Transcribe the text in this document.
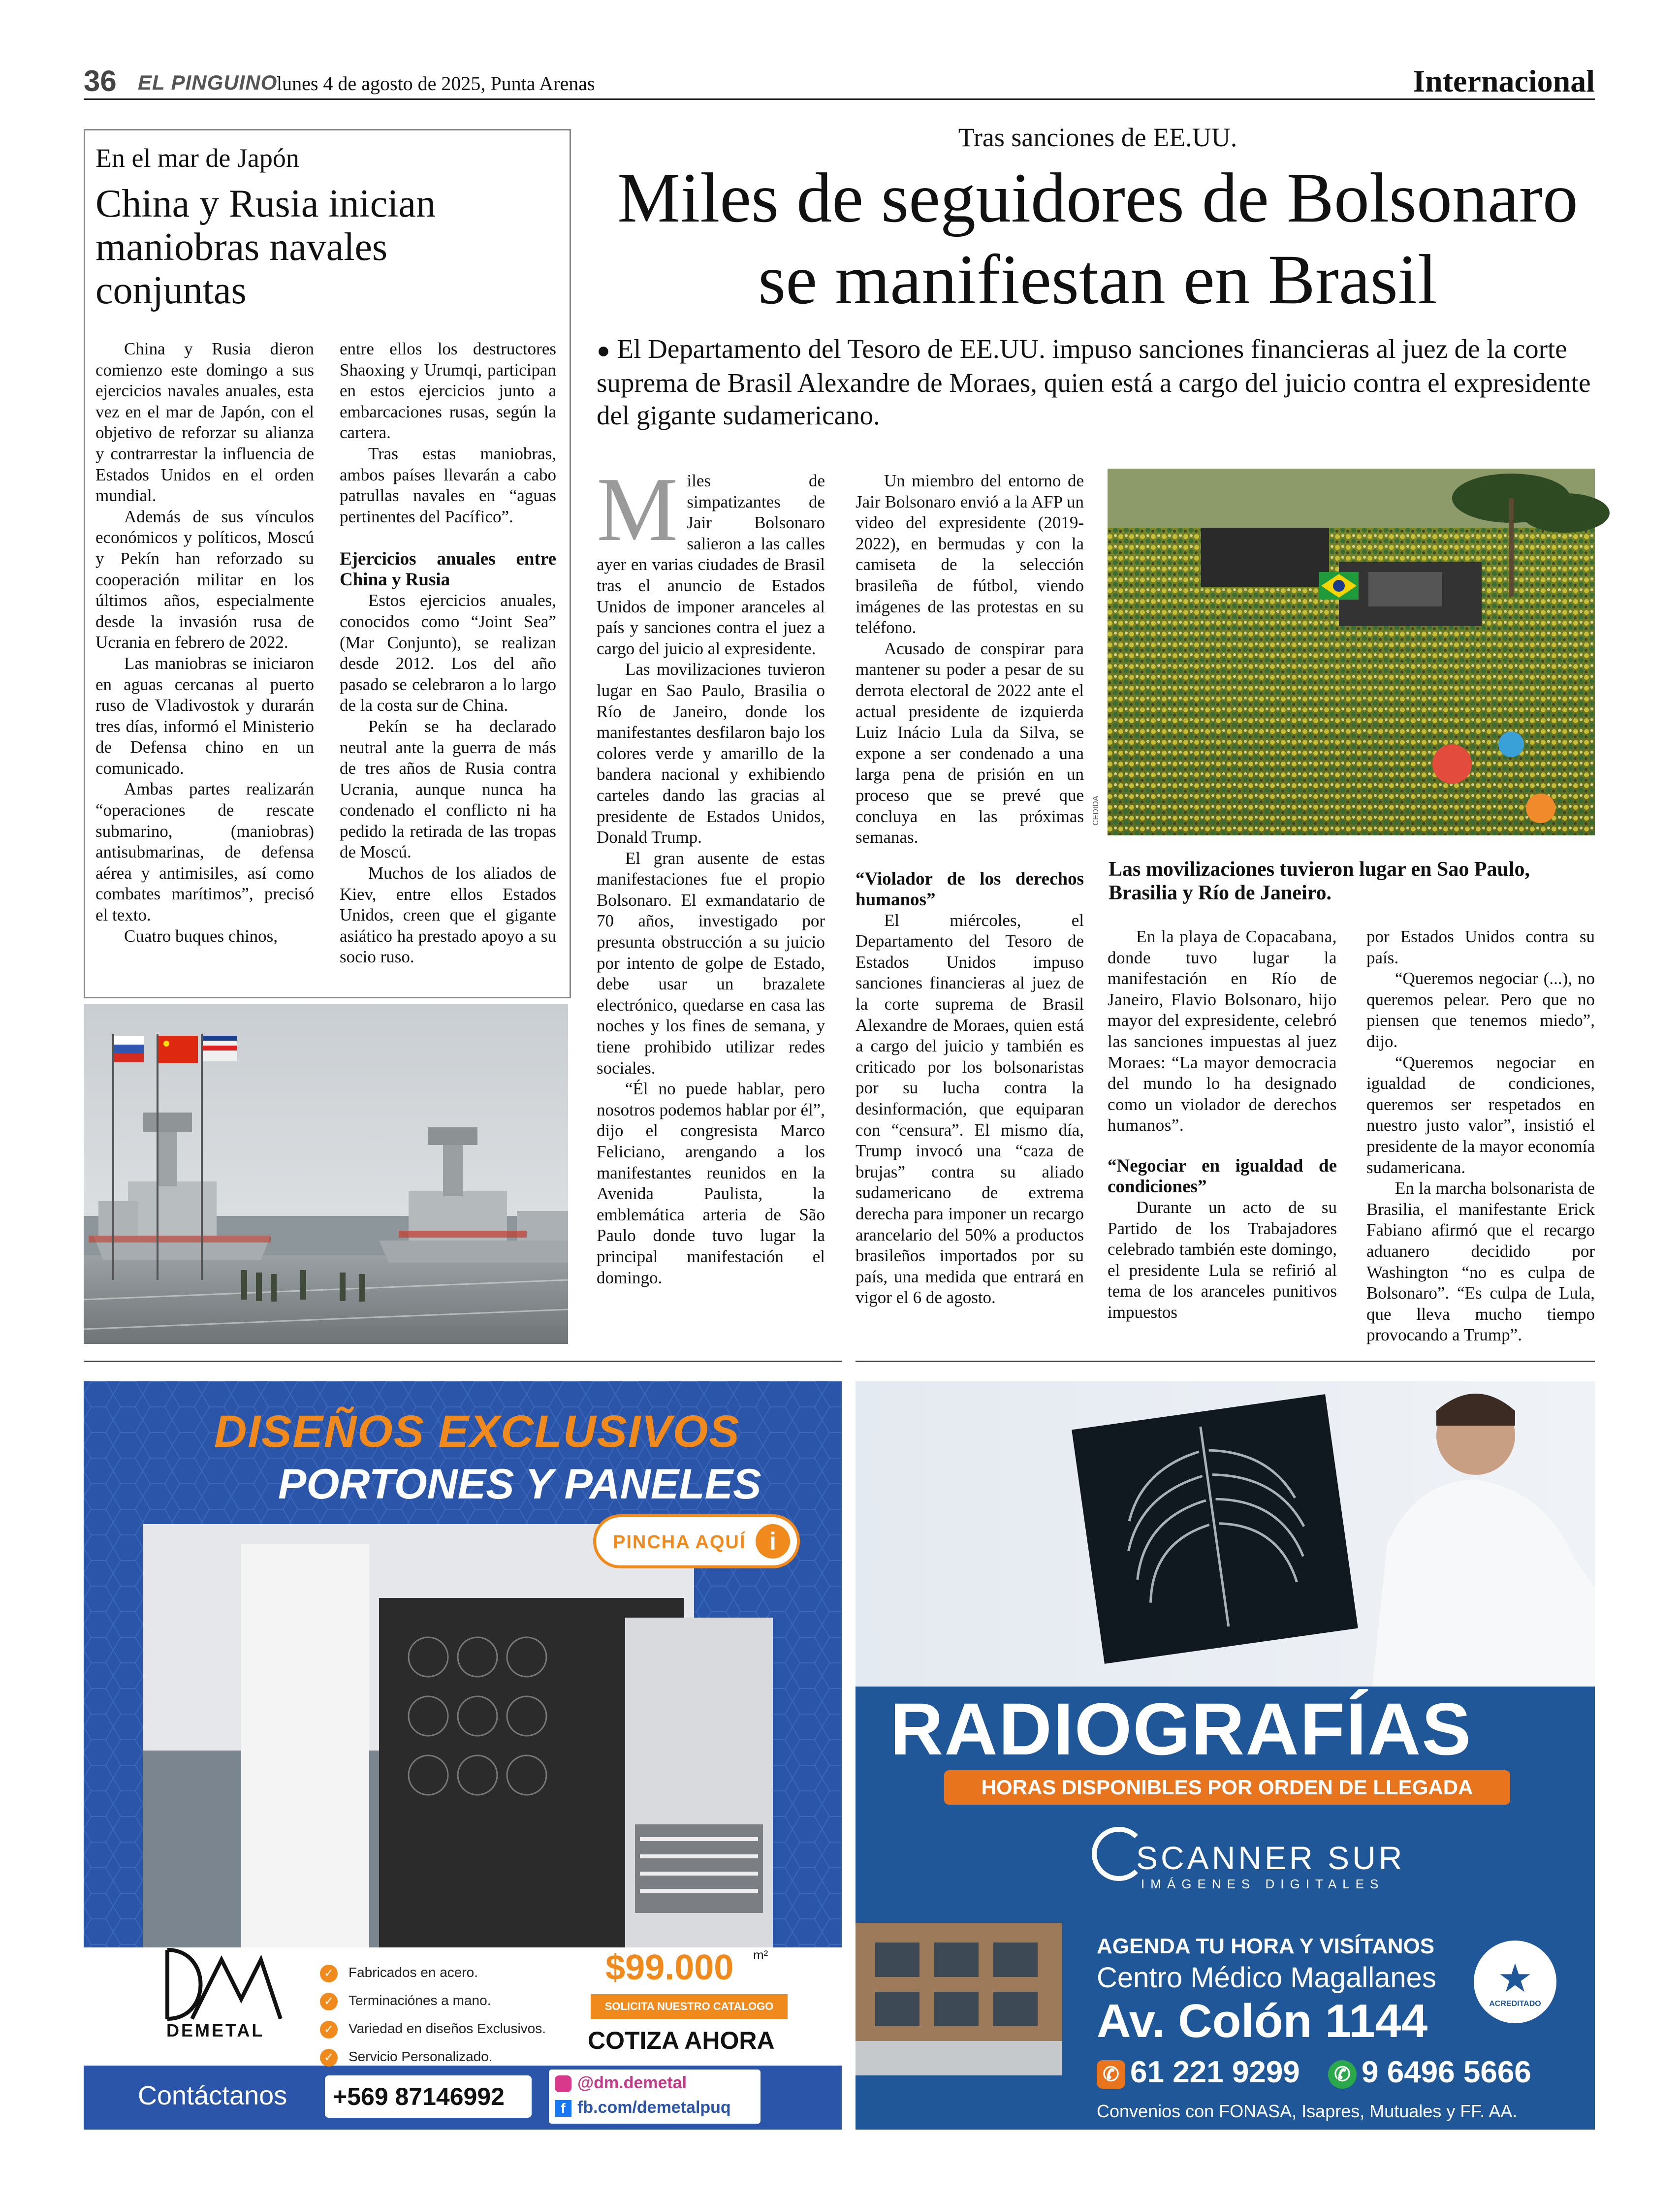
36 EL PINGUINO
lunes 4 de agosto de 2025, Punta Arenas	Internacional
En el mar de Japón
China y Rusia inician maniobras navales conjuntas

China y Rusia dieron comienzo este domingo a sus ejercicios navales anuales, esta vez en el mar de Japón, con el objetivo de reforzar su alianza y contrarrestar la influencia de Estados Unidos en el orden mundial.

Además de sus vínculos económicos y políticos, Moscú y Pekín han reforzado su cooperación militar en los últimos años, especialmente desde la invasión rusa de Ucrania en febrero de 2022.

Las maniobras se iniciaron en aguas cercanas al puerto ruso de Vladivostok y durarán tres días, informó el Ministerio de Defensa chino en un comunicado.

Ambas partes realizarán “operaciones de rescate submarino, (maniobras) antisubmarinas, de defensa aérea y antimisiles, así como combates marítimos”, precisó el texto.

Cuatro buques chinos,

entre ellos los destructores Shaoxing y Urumqi, participan en estos ejercicios junto a embarcaciones rusas, según la cartera.

Tras estas maniobras, ambos países llevarán a cabo patrullas navales en “aguas pertinentes del Pacífico”.

Ejercicios anuales entre China y Rusia

Estos ejercicios anuales, conocidos como “Joint Sea” (Mar Conjunto), se realizan desde 2012. Los del año pasado se celebraron a lo largo de la costa sur de China.

Pekín se ha declarado neutral ante la guerra de más de tres años de Rusia contra Ucrania, aunque nunca ha condenado el conflicto ni ha pedido la retirada de las tropas de Moscú.

Muchos de los aliados de Kiev, entre ellos Estados Unidos, creen que el gigante asiático ha prestado apoyo a su socio ruso.

Tras sanciones de EE.UU.
Miles de seguidores de Bolsonaro
se manifiestan en Brasil
● El Departamento del Tesoro de EE.UU. impuso sanciones financieras al juez de la corte suprema de Brasil Alexandre de Moraes, quien está a cargo del juicio contra el expresidente del gigante sudamericano.

M iles de simpatizantes de Jair Bolsonaro salieron a las calles ayer en varias ciudades de Brasil tras el anuncio de Estados Unidos de imponer aranceles al país y sanciones contra el juez a cargo del juicio al expresidente.

Las movilizaciones tuvieron lugar en Sao Paulo, Brasilia o Río de Janeiro, donde los manifestantes desfilaron bajo los colores verde y amarillo de la bandera nacional y exhibiendo carteles dando las gracias al presidente de Estados Unidos, Donald Trump.

El gran ausente de estas manifestaciones fue el propio Bolsonaro. El exmandatario de 70 años, investigado por presunta obstrucción a su juicio por intento de golpe de Estado, debe usar un brazalete electrónico, quedarse en casa las noches y los fines de semana, y tiene prohibido utilizar redes sociales.

“Él no puede hablar, pero nosotros podemos hablar por él”, dijo el congresista Marco Feliciano, arengando a los manifestantes reunidos en la Avenida Paulista, la emblemática arteria de São Paulo donde tuvo lugar la principal manifestación el domingo.

Un miembro del entorno de Jair Bolsonaro envió a la AFP un video del expresidente (2019-2022), en bermudas y con la camiseta de la selección brasileña de fútbol, viendo imágenes de las protestas en su teléfono.

Acusado de conspirar para mantener su poder a pesar de su derrota electoral de 2022 ante el actual presidente de izquierda Luiz Inácio Lula da Silva, se expone a ser condenado a una larga pena de prisión en un proceso que se prevé que concluya en las próximas semanas.

“Violador de los derechos humanos”

El miércoles, el Departamento del Tesoro de Estados Unidos impuso sanciones financieras al juez de la corte suprema de Brasil Alexandre de Moraes, quien está a cargo del juicio y también es criticado por los bolsonaristas por su lucha contra la desinformación, que equiparan con “censura”. El mismo día, Trump invocó una “caza de brujas” contra su aliado sudamericano de extrema derecha para imponer un recargo arancelario del 50% a productos brasileños importados por su país, una medida que entrará en vigor el 6 de agosto.

CEDIDA
Las movilizaciones tuvieron lugar en Sao Paulo, Brasilia y Río de Janeiro.

En la playa de Copacabana, donde tuvo lugar la manifestación en Río de Janeiro, Flavio Bolsonaro, hijo mayor del expresidente, celebró las sanciones impuestas al juez Moraes: “La mayor democracia del mundo lo ha designado como un violador de derechos humanos”.

“Negociar en igualdad de condiciones”

Durante un acto de su Partido de los Trabajadores celebrado también este domingo, el presidente Lula se refirió al tema de los aranceles punitivos impuestos

por Estados Unidos contra su país.

“Queremos negociar (...), no queremos pelear. Pero que no piensen que tenemos miedo”, dijo.

“Queremos negociar en igualdad de condiciones, queremos ser respetados en nuestro justo valor”, insistió el presidente de la mayor economía sudamericana.

En la marcha bolsonarista de Brasilia, el manifestante Erick Fabiano afirmó que el recargo aduanero decidido por Washington “no es culpa de Bolsonaro”. “Es culpa de Lula, que lleva mucho tiempo provocando a Trump”.

DISEÑOS EXCLUSIVOS
PORTONES Y PANELES
PINCHA AQUÍ i
DEMETAL
✓ Fabricados en acero.
✓ Terminaciónes a mano.
✓ Variedad en diseños Exclusivos.
✓ Servicio Personalizado.
$99.000 m²
SOLICITA NUESTRO CATALOGO
COTIZA AHORA
Contáctanos +569 87146992	@dm.demetal
f fb.com/demetalpuq
RADIOGRAFÍAS
HORAS DISPONIBLES POR ORDEN DE LLEGADA
SCANNER SUR
IMÁGENES DIGITALES
AGENDA TU HORA Y VISÍTANOS
Centro Médico Magallanes
Av. Colón 1144
★
ACREDITADO
✆ 61 221 9299	✆ 9 6496 5666
Convenios con FONASA, Isapres, Mutuales y FF. AA.
